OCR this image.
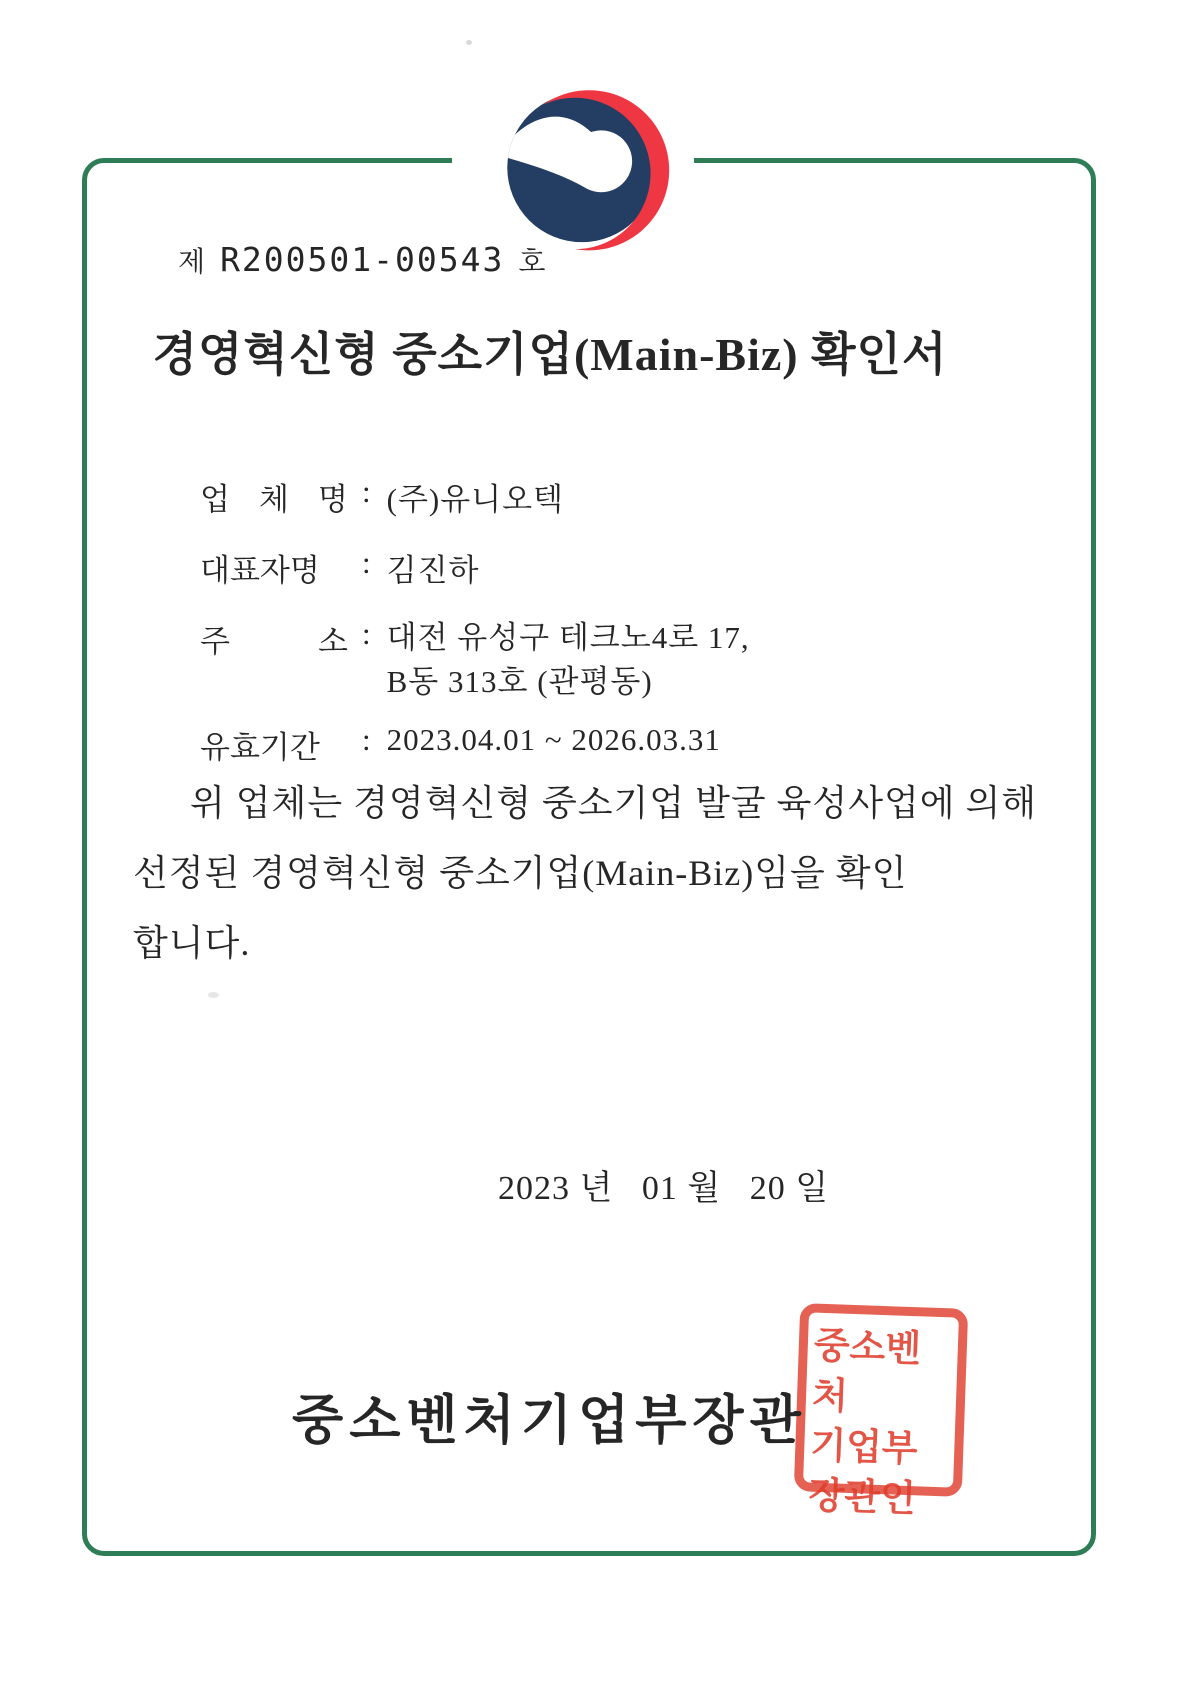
제 R200501-00543 호
경영혁신형 중소기업(Main-Biz) 확인서
업 체 명 : (주)유니오텍
대표자명	: 김진하
주 소 : 대전 유성구 테크노4로 17,
B동 313호 (관평동)
유효기간	: 2023.04.01 ~ 2026.03.31

위 업체는 경영혁신형 중소기업 발굴 육성사업에 의해
선정된 경영혁신형 중소기업(Main-Biz)임을 확인
합니다.

2023 년   01 월   20 일
중소벤처
기업부
장관인
중소벤처기업부장관
